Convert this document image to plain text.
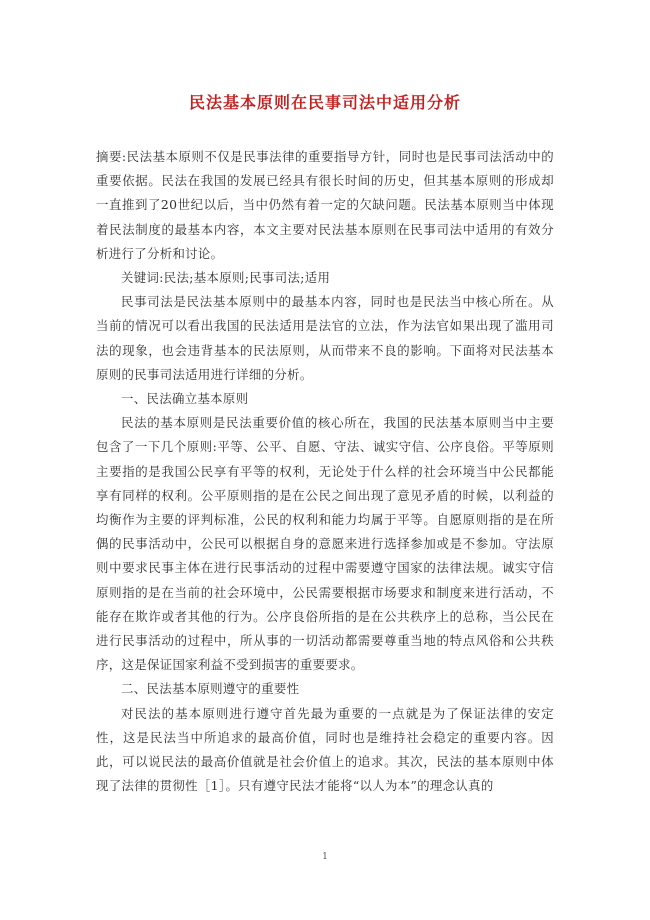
民法基本原则在民事司法中适用分析

摘要:民法基本原则不仅是民事法律的重要指导方针，同时也是民事司法活动中的重要依据。民法在我国的发展已经具有很长时间的历史，但其基本原则的形成却一直推到了20世纪以后，当中仍然有着一定的欠缺问题。民法基本原则当中体现着民法制度的最基本内容，本文主要对民法基本原则在民事司法中适用的有效分析进行了分析和讨论。

关键词:民法;基本原则;民事司法;适用

民事司法是民法基本原则中的最基本内容，同时也是民法当中核心所在。从当前的情况可以看出我国的民法适用是法官的立法，作为法官如果出现了滥用司法的现象，也会违背基本的民法原则，从而带来不良的影响。下面将对民法基本原则的民事司法适用进行详细的分析。

一、民法确立基本原则

民法的基本原则是民法重要价值的核心所在，我国的民法基本原则当中主要包含了一下几个原则:平等、公平、自愿、守法、诚实守信、公序良俗。平等原则主要指的是我国公民享有平等的权利，无论处于什么样的社会环境当中公民都能享有同样的权利。公平原则指的是在公民之间出现了意见矛盾的时候，以利益的均衡作为主要的评判标准，公民的权利和能力均属于平等。自愿原则指的是在所偶的民事活动中，公民可以根据自身的意愿来进行选择参加或是不参加。守法原则中要求民事主体在进行民事活动的过程中需要遵守国家的法律法规。诚实守信原则指的是在当前的社会环境中，公民需要根据市场要求和制度来进行活动，不能存在欺诈或者其他的行为。公序良俗所指的是在公共秩序上的总称，当公民在进行民事活动的过程中，所从事的一切活动都需要尊重当地的特点风俗和公共秩序，这是保证国家利益不受到损害的重要要求。

二、民法基本原则遵守的重要性

对民法的基本原则进行遵守首先最为重要的一点就是为了保证法律的安定性，这是民法当中所追求的最高价值，同时也是维持社会稳定的重要内容。因此，可以说民法的最高价值就是社会价值上的追求。其次，民法的基本原则中体现了法律的贯彻性［1］。只有遵守民法才能将“以人为本”的理念认真的

1
